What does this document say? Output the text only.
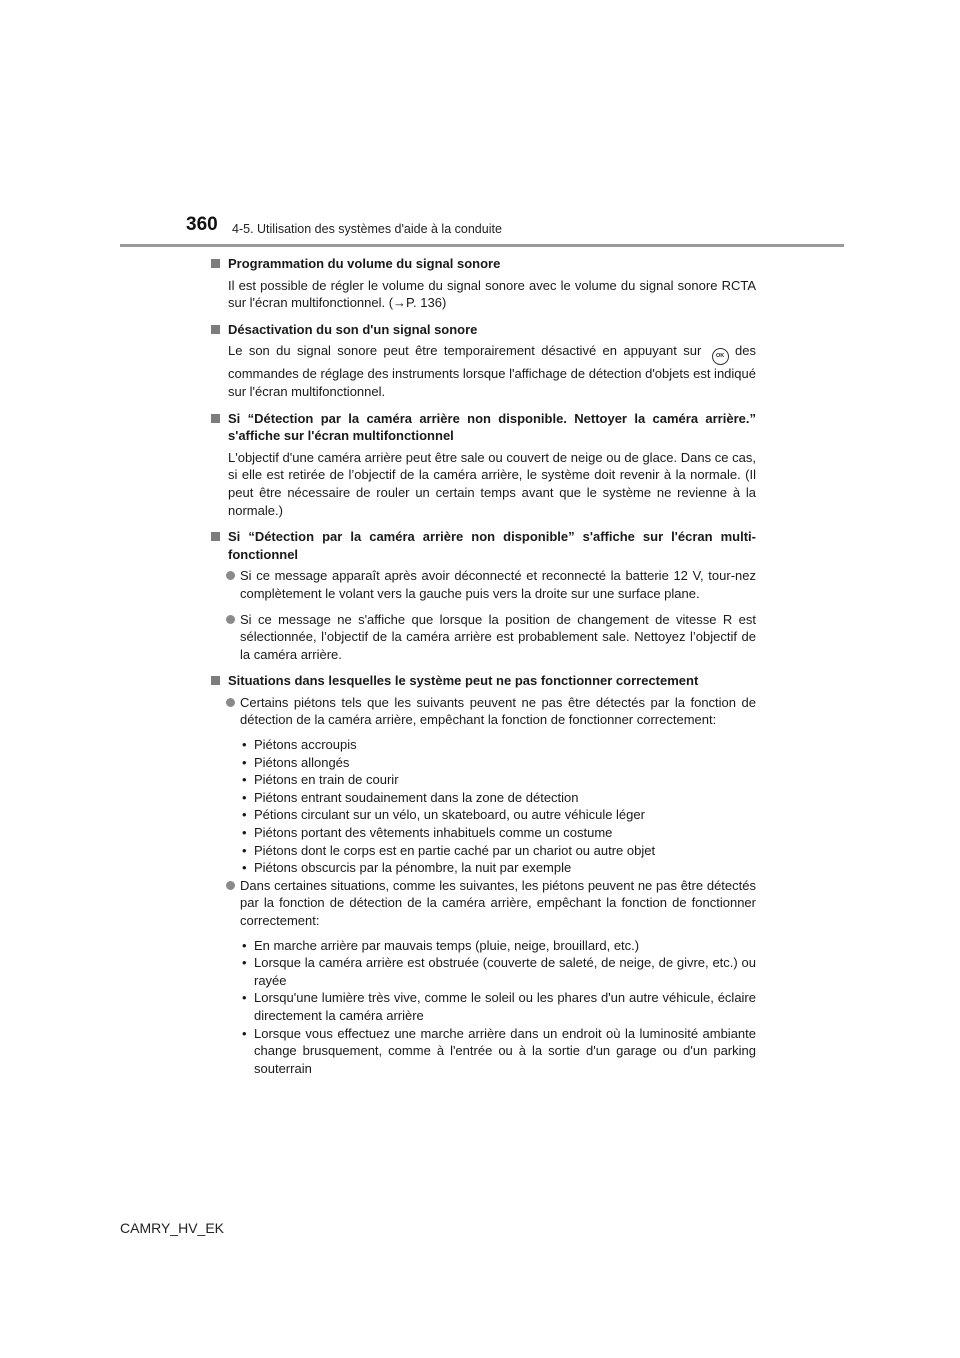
360 4-5. Utilisation des systèmes d'aide à la conduite
Programmation du volume du signal sonore
Il est possible de régler le volume du signal sonore avec le volume du signal sonore RCTA sur l'écran multifonctionnel. (→P. 136)
Désactivation du son d'un signal sonore
Le son du signal sonore peut être temporairement désactivé en appuyant sur	OK des commandes de réglage des instruments lorsque l'affichage de détection d'objets est indiqué sur l'écran multifonctionnel.
Si “Détection par la caméra arrière non disponible. Nettoyer la caméra arrière.” s'affiche sur l'écran multifonctionnel
L'objectif d'une caméra arrière peut être sale ou couvert de neige ou de glace. Dans ce cas, si elle est retirée de l’objectif de la caméra arrière, le système doit revenir à la normale. (Il peut être nécessaire de rouler un certain temps avant que le système ne revienne à la normale.)
Si “Détection par la caméra arrière non disponible” s'affiche sur l'écran multi-fonctionnel
Si ce message apparaît après avoir déconnecté et reconnecté la batterie 12 V, tour-nez complètement le volant vers la gauche puis vers la droite sur une surface plane.
Si ce message ne s'affiche que lorsque la position de changement de vitesse R est sélectionnée, l’objectif de la caméra arrière est probablement sale. Nettoyez l’objectif de la caméra arrière.
Situations dans lesquelles le système peut ne pas fonctionner correctement
Certains piétons tels que les suivants peuvent ne pas être détectés par la fonction de détection de la caméra arrière, empêchant la fonction de fonctionner correctement:
• Piétons accroupis
• Piétons allongés
• Piétons en train de courir
• Piétons entrant soudainement dans la zone de détection
• Pétions circulant sur un vélo, un skateboard, ou autre véhicule léger
• Piétons portant des vêtements inhabituels comme un costume
• Piétons dont le corps est en partie caché par un chariot ou autre objet
• Piétons obscurcis par la pénombre, la nuit par exemple
Dans certaines situations, comme les suivantes, les piétons peuvent ne pas être détectés par la fonction de détection de la caméra arrière, empêchant la fonction de fonctionner correctement:
• En marche arrière par mauvais temps (pluie, neige, brouillard, etc.)
• Lorsque la caméra arrière est obstruée (couverte de saleté, de neige, de givre, etc.) ou rayée
• Lorsqu'une lumière très vive, comme le soleil ou les phares d'un autre véhicule, éclaire directement la caméra arrière
• Lorsque vous effectuez une marche arrière dans un endroit où la luminosité ambiante change brusquement, comme à l'entrée ou à la sortie d'un garage ou d'un parking souterrain
CAMRY_HV_EK
